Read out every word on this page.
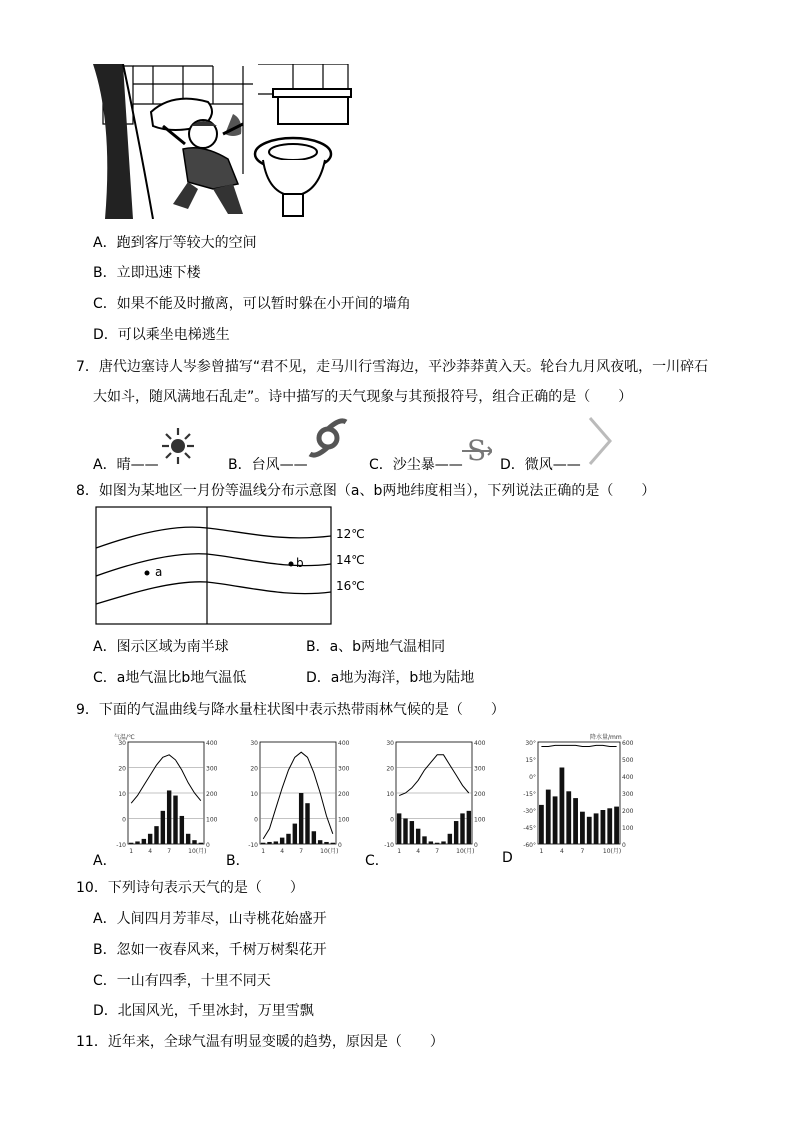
A．跑到客厅等较大的空间
B．立即迅速下楼
C．如果不能及时撤离，可以暂时躲在小开间的墙角
D．可以乘坐电梯逃生
7．唐代边塞诗人岑参曾描写“君不见，走马川行雪海边，平沙莽莽黄入天。轮台九月风夜吼，一川碎石
大如斗，随风满地石乱走”。诗中描写的天气现象与其预报符号，组合正确的是（　　）
A．晴——	B．台风——	C．沙尘暴—— S D．微风——
8．如图为某地区一月份等温线分布示意图（a、b两地纬度相当），下列说法正确的是（　　）
a
b
12℃
14℃
16℃
A．图示区域为南半球	B．a、b两地气温相同
C．a地气温比b地气温低	D．a地为海洋，b地为陆地
9．下面的气温曲线与降水量柱状图中表示热带雨林气候的是（　　）
A．	B．	C．	D
30
20
10
0
-10
400
300
200
100
0
1	4	7	10(月)
气温/℃
30
20
10
0
-10
400
300
200
100
0
1	4	7	10(月)
30
20
10
0
-10
400
300
200
100
0
1	4	7	10(月)
30°
15°
0°
-15°
-30°
-45°
-60°
600
500
400
300
200
100
0
1	4	7	10(月)
降水量/mm
10．下列诗句表示天气的是（　　）
A．人间四月芳菲尽，山寺桃花始盛开
B．忽如一夜春风来，千树万树梨花开
C．一山有四季，十里不同天
D．北国风光，千里冰封，万里雪飘
11．近年来，全球气温有明显变暖的趋势，原因是（　　）
